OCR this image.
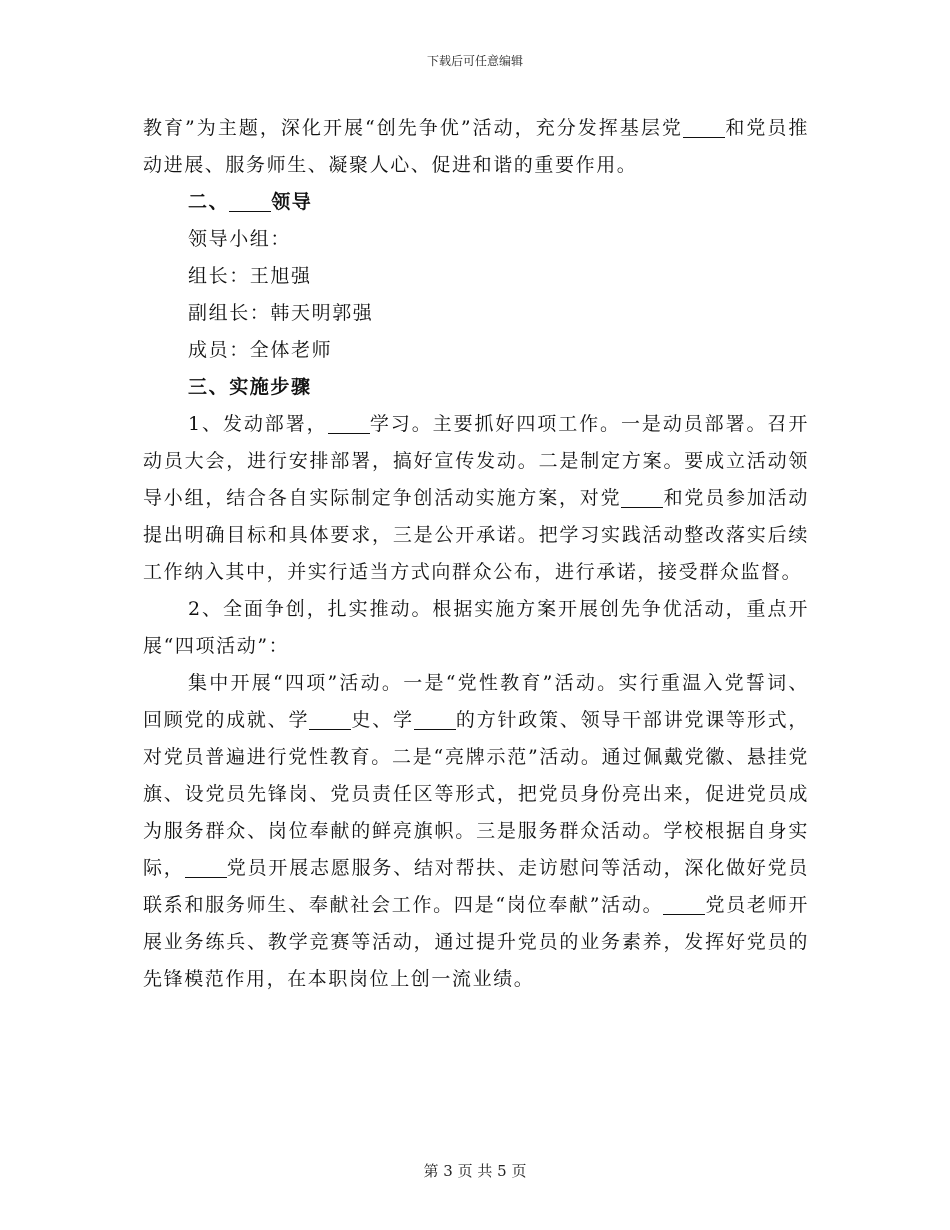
下载后可任意编辑

教育”为主题，深化开展“创先争优”活动，充分发挥基层党 和党员推动进展、服务师生、凝聚人心、促进和谐的重要作用。

二、 领导

领导小组：

组长：王旭强

副组长：韩天明郭强

成员：全体老师

三、实施步骤

1、发动部署， 学习。主要抓好四项工作。一是动员部署。召开动员大会，进行安排部署，搞好宣传发动。二是制定方案。要成立活动领导小组，结合各自实际制定争创活动实施方案，对党 和党员参加活动提出明确目标和具体要求，三是公开承诺。把学习实践活动整改落实后续工作纳入其中，并实行适当方式向群众公布，进行承诺，接受群众监督。

2、全面争创，扎实推动。根据实施方案开展创先争优活动，重点开展“四项活动”：

集中开展“四项”活动。一是“党性教育”活动。实行重温入党誓词、回顾党的成就、学 史、学 的方针政策、领导干部讲党课等形式，对党员普遍进行党性教育。二是“亮牌示范”活动。通过佩戴党徽、悬挂党旗、设党员先锋岗、党员责任区等形式，把党员身份亮出来，促进党员成为服务群众、岗位奉献的鲜亮旗帜。三是服务群众活动。学校根据自身实际， 党员开展志愿服务、结对帮扶、走访慰问等活动，深化做好党员联系和服务师生、奉献社会工作。四是“岗位奉献”活动。 党员老师开展业务练兵、教学竞赛等活动，通过提升党员的业务素养，发挥好党员的先锋模范作用，在本职岗位上创一流业绩。

第 3 页 共 5 页
